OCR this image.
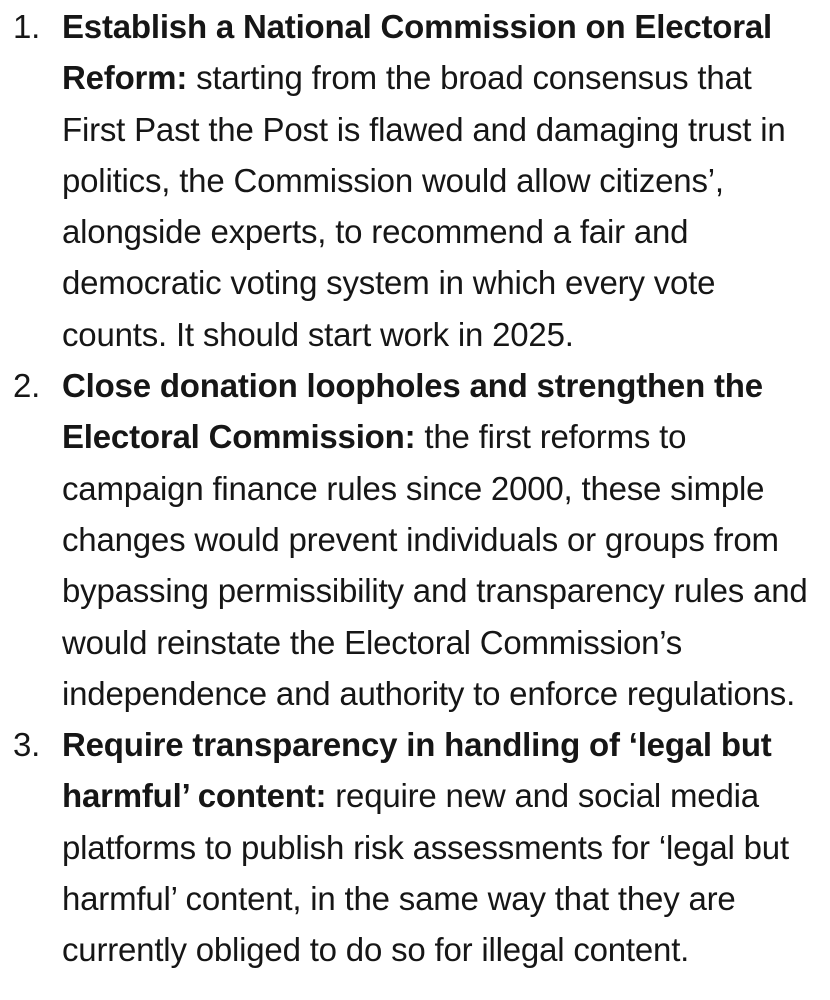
1. Establish a National Commission on Electoral
Reform: starting from the broad consensus that
First Past the Post is flawed and damaging trust in
politics, the Commission would allow citizens’,
alongside experts, to recommend a fair and
democratic voting system in which every vote
counts. It should start work in 2025.
2. Close donation loopholes and strengthen the
Electoral Commission: the first reforms to
campaign finance rules since 2000, these simple
changes would prevent individuals or groups from
bypassing permissibility and transparency rules and
would reinstate the Electoral Commission’s
independence and authority to enforce regulations.
3. Require transparency in handling of ‘legal but
harmful’ content: require new and social media
platforms to publish risk assessments for ‘legal but
harmful’ content, in the same way that they are
currently obliged to do so for illegal content.
